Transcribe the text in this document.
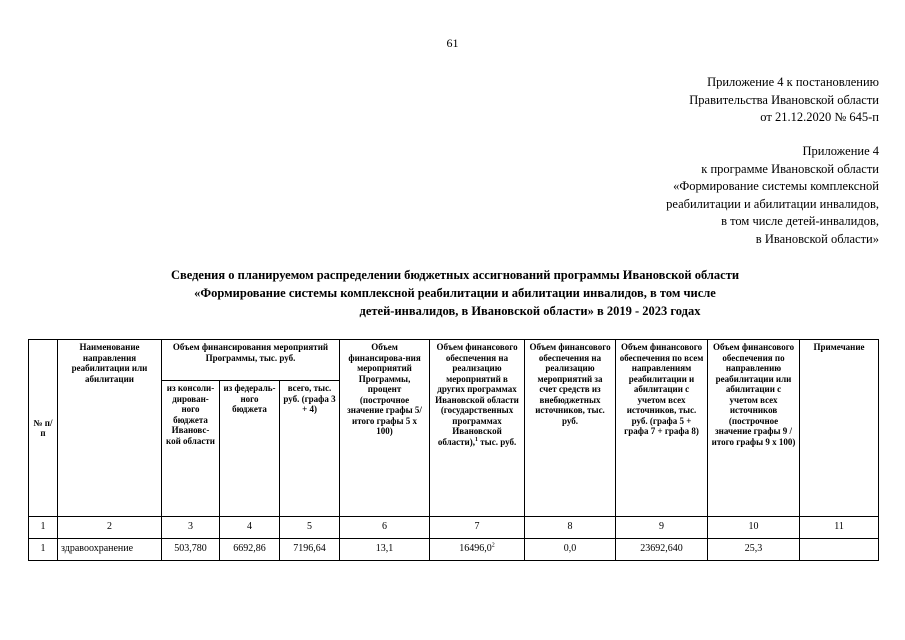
61
Приложение 4 к постановлению
Правительства Ивановской области
от 21.12.2020 № 645-п
Приложение 4
к программе Ивановской области
«Формирование системы комплексной
реабилитации и абилитации инвалидов,
в том числе детей-инвалидов,
в Ивановской области»
Сведения о планируемом распределении бюджетных ассигнований программы Ивановской области
«Формирование системы комплексной реабилитации и абилитации инвалидов, в том числе
детей-инвалидов, в Ивановской области» в 2019 - 2023 годах
№ п/п	Наименование направления реабилитации или абилитации	Объем финансирования мероприятий Программы, тыс. руб.			Объем финансирова-ния мероприятий Программы, процент (построчное значение графы 5/итого графы 5 х 100)	Объем финансового обеспечения на реализацию мероприятий в других программах Ивановской области (государственных программах Ивановской области),$^1$ тыс. руб.	Объем финансового обеспечения на реализацию мероприятий за счет средств из внебюджетных источников, тыс. руб.	Объем финансового обеспечения по всем направлениям реабилитации и абилитации с учетом всех источников, тыс. руб. (графа 5 + графа 7 + графа 8)	Объем финансового обеспечения по направлению реабилитации или абилитации с учетом всех источников (построчное значение графы 9 / итого графы 9 х 100)	Примечание
		из консоли-дирован-ного бюджета Ивановс-кой области	из федераль-ного бюджета	всего, тыс. руб. (графа 3 + 4)						
1	2	3	4	5	6	7	8	9	10	11
1	здравоохранение	503,780	6692,86	7196,64	13,1	16496,0$^2$	0,0	23692,640	25,3	
